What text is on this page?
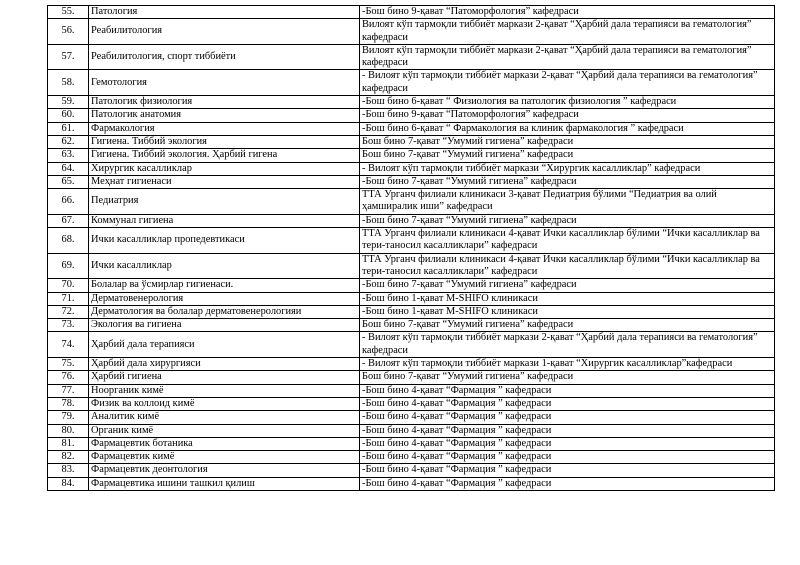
55.	Патология	-Бош бино 9-қават “Патоморфология” кафедраси
56.	Реабилитология	Вилоят кўп тармоқли тиббиёт маркази 2-қават “Ҳарбий дала терапияси ва гематология” кафедраси
57.	Реабилитология, спорт тиббиёти	Вилоят кўп тармоқли тиббиёт маркази 2-қават “Ҳарбий дала терапияси ва гематология” кафедраси
58.	Гемотология	- Вилоят кўп тармоқли тиббиёт маркази 2-қават “Ҳарбий дала терапияси ва гематология” кафедраси
59.	Патологик физиология	-Бош бино 6-қават “ Физиология ва патологик физиология ” кафедраси
60.	Патологик анатомия	-Бош бино 9-қават “Патоморфология” кафедраси
61.	Фармакология	-Бош бино 6-қават “ Фармакология ва клиник фармакология ” кафедраси
62.	Гигиена. Тиббий экология	Бош бино 7-қават “Умумий гигиена” кафедраси
63.	Гигиена. Тиббий экология. Ҳарбий гигена	Бош бино 7-қават “Умумий гигиена” кафедраси
64.	Хирургик касалликлар	- Вилоят кўп тармоқли тиббиёт маркази “Хирургик касалликлар” кафедраси
65.	Меҳнат гигиенаси	-Бош бино 7-қават “Умумий гигиена” кафедраси
66.	Педиатрия	ТТА Урганч филиали клиникаси 3-қават Педиатрия бўлими “Педиатрия ва олий ҳамширалик иши” кафедраси
67.	Коммунал гигиена	-Бош бино 7-қават “Умумий гигиена” кафедраси
68.	Ички касалликлар пропедевтикаси	ТТА Урганч филиали клиникаси 4-қават Ички касалликлар бўлими “Ички касалликлар ва тери-таносил касалликлари” кафедраси
69.	Ички касалликлар	ТТА Урганч филиали клиникаси 4-қават Ички касалликлар бўлими “Ички касалликлар ва тери-таносил касалликлари” кафедраси
70.	Болалар ва ўсмирлар гигиенаси.	-Бош бино 7-қават “Умумий гигиена” кафедраси
71.	Дерматовенерология	-Бош бино 1-қават M-SHIFO клиникаси
72.	Дерматология ва болалар дерматовенерологияи	-Бош бино 1-қават M-SHIFO клиникаси
73.	Экология ва гигиена	Бош бино 7-қават “Умумий гигиена” кафедраси
74.	Ҳарбий дала терапияси	- Вилоят кўп тармоқли тиббиёт маркази 2-қават “Ҳарбий дала терапияси ва гематология” кафедраси
75.	Ҳарбий дала хирургияси	- Вилоят кўп тармоқли тиббиёт маркази 1-қават “Хирургик касалликлар”кафедраси
76.	Ҳарбий гигиена	Бош бино 7-қават “Умумий гигиена” кафедраси
77.	Ноорганик кимё	-Бош бино 4-қават “Фармация ” кафедраси
78.	Физик ва коллоид кимё	-Бош бино 4-қават “Фармация ” кафедраси
79.	Аналитик кимё	-Бош бино 4-қават “Фармация ” кафедраси
80.	Органик кимё	-Бош бино 4-қават “Фармация ” кафедраси
81.	Фармацевтик ботаника	-Бош бино 4-қават “Фармация ” кафедраси
82.	Фармацевтик кимё	-Бош бино 4-қават “Фармация ” кафедраси
83.	Фармацевтик деонтология	-Бош бино 4-қават “Фармация ” кафедраси
84.	Фармацевтика ишини ташкил қилиш	-Бош бино 4-қават “Фармация ” кафедраси
